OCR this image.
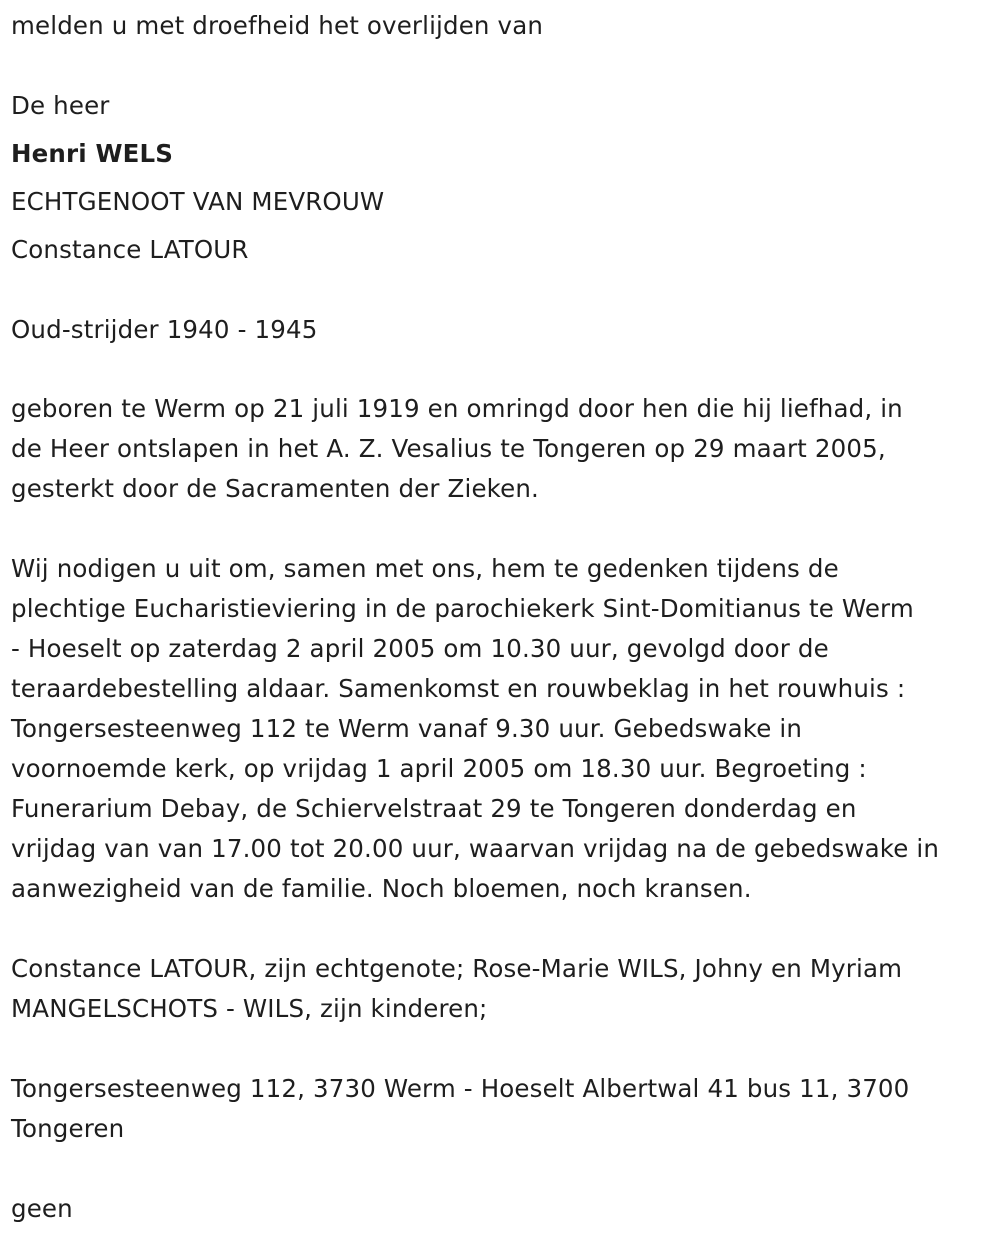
melden u met droefheid het overlijden van
De heer
Henri WELS
ECHTGENOOT VAN MEVROUW
Constance LATOUR
Oud-strijder 1940 - 1945
geboren te Werm op 21 juli 1919 en omringd door hen die hij liefhad, in
de Heer ontslapen in het A. Z. Vesalius te Tongeren op 29 maart 2005,
gesterkt door de Sacramenten der Zieken.
Wij nodigen u uit om, samen met ons, hem te gedenken tijdens de
plechtige Eucharistieviering in de parochiekerk Sint-Domitianus te Werm
- Hoeselt op zaterdag 2 april 2005 om 10.30 uur, gevolgd door de
teraardebestelling aldaar. Samenkomst en rouwbeklag in het rouwhuis :
Tongersesteenweg 112 te Werm vanaf 9.30 uur. Gebedswake in
voornoemde kerk, op vrijdag 1 april 2005 om 18.30 uur. Begroeting :
Funerarium Debay, de Schiervelstraat 29 te Tongeren donderdag en
vrijdag van van 17.00 tot 20.00 uur, waarvan vrijdag na de gebedswake in
aanwezigheid van de familie. Noch bloemen, noch kransen.
Constance LATOUR, zijn echtgenote; Rose-Marie WILS, Johny en Myriam
MANGELSCHOTS - WILS, zijn kinderen;
Tongersesteenweg 112, 3730 Werm - Hoeselt Albertwal 41 bus 11, 3700
Tongeren
geen
